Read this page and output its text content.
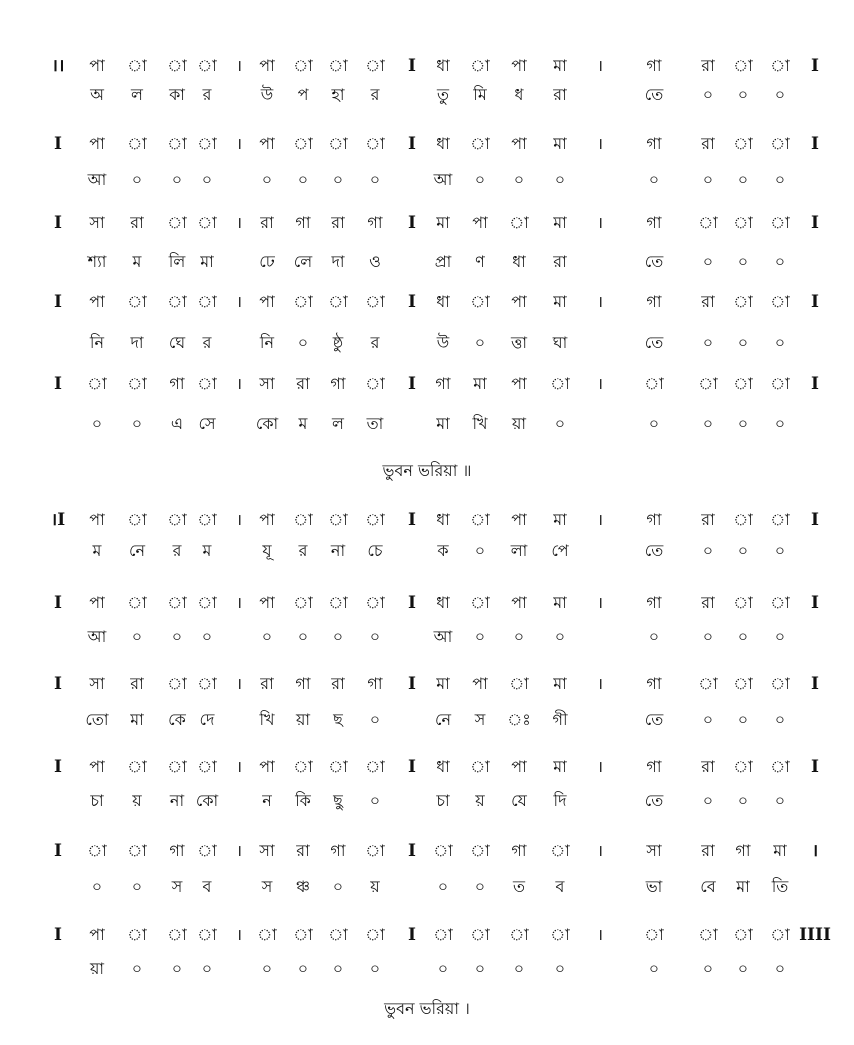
।। পা া া া । পা া া া I ধা া পা মা ।	গা রা া া I
অ ল কা র	উ প হা র	তু মি ধ রা	তে ০ ০ ০
I পা া া া । পা া া া I ধা া পা মা ।	গা রা া া I
আ ০ ০ ০	০ ০ ০ ০	আ ০ ০ ০	০	০ ০ ০
I সা রা া া । রা গা রা গা I মা পা া মা ।	গা া া া I
শ্যা ম লি মা	ঢে লে দা ও	প্রা ণ ধা রা	তে ০ ০ ০
I পা া া া । পা া া া I ধা া পা মা ।	গা রা া া I
নি দা ঘে র	নি ০ ষ্ঠু র	উ ০ ত্তা ঘা	তে ০ ০ ০
I া া গা া । সা রা গা া I গা মা পা া ।	া া া া I
০ ০ এ সে	কো ম ল তা	মা খি য়া ০	০	০ ০ ০
ভুবন ভরিয়া ॥
।I পা া া া । পা া া া I ধা া পা মা ।	গা রা া া I
ম নে র ম	যূ র না চে	ক ০ লা পে	তে ০ ০ ০
I পা া া া । পা া া া I ধা া পা মা ।	গা রা া া I
আ ০ ০ ০	০ ০ ০ ০	আ ০ ০ ০	০	০ ০ ০
I সা রা া া । রা গা রা গা I মা পা া মা ।	গা া া া I
তো মা কে দে	খি য়া ছ ০	নে স ঃ গী	তে ০ ০ ০
I পা া া া । পা া া া I ধা া পা মা ।	গা রা া া I
চা য় না কো	ন কি ছু ০	চা য় যে দি	তে ০ ০ ০
I া া গা া । সা রা গা া I া া গা া ।	সা রা গা মা ।
০ ০ স ব	স ঞ্চ ০ য়	০ ০ ত ব	ভা বে মা তি
I পা া া া । া া া া I া া া া ।	া া া া IIII
য়া ০ ০ ০	০ ০ ০ ০	০ ০ ০ ০	০	০ ০ ০
ভুবন ভরিয়া ।
